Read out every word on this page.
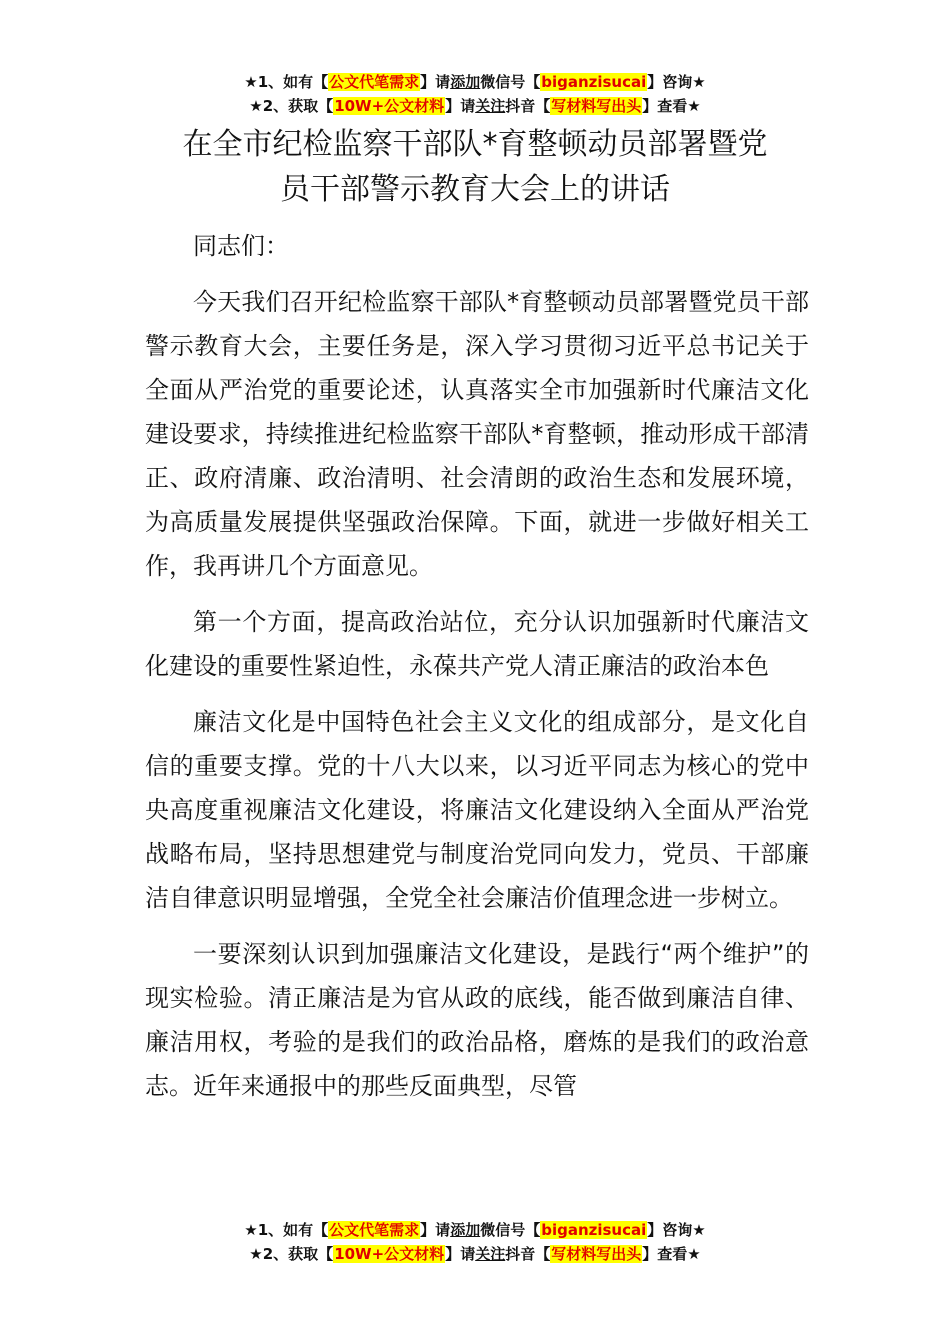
★1、如有【公文代笔需求】请添加微信号【biganzisucai】咨询★
★2、获取【10W+公文材料】请关注抖音【写材料写出头】查看★
在全市纪检监察干部队*育整顿动员部署暨党
员干部警示教育大会上的讲话

同志们：

今天我们召开纪检监察干部队*育整顿动员部署暨党员干部警示教育大会，主要任务是，深入学习贯彻习近平总书记关于全面从严治党的重要论述，认真落实全市加强新时代廉洁文化建设要求，持续推进纪检监察干部队*育整顿，推动形成干部清正、政府清廉、政治清明、社会清朗的政治生态和发展环境，为高质量发展提供坚强政治保障。下面，就进一步做好相关工作，我再讲几个方面意见。

第一个方面，提高政治站位，充分认识加强新时代廉洁文化建设的重要性紧迫性，永葆共产党人清正廉洁的政治本色

廉洁文化是中国特色社会主义文化的组成部分，是文化自信的重要支撑。党的十八大以来，以习近平同志为核心的党中央高度重视廉洁文化建设，将廉洁文化建设纳入全面从严治党战略布局，坚持思想建党与制度治党同向发力，党员、干部廉洁自律意识明显增强，全党全社会廉洁价值理念进一步树立。

一要深刻认识到加强廉洁文化建设，是践行“两个维护”的现实检验。清正廉洁是为官从政的底线，能否做到廉洁自律、廉洁用权，考验的是我们的政治品格，磨炼的是我们的政治意志。近年来通报中的那些反面典型，尽管

★1、如有【公文代笔需求】请添加微信号【biganzisucai】咨询★
★2、获取【10W+公文材料】请关注抖音【写材料写出头】查看★
